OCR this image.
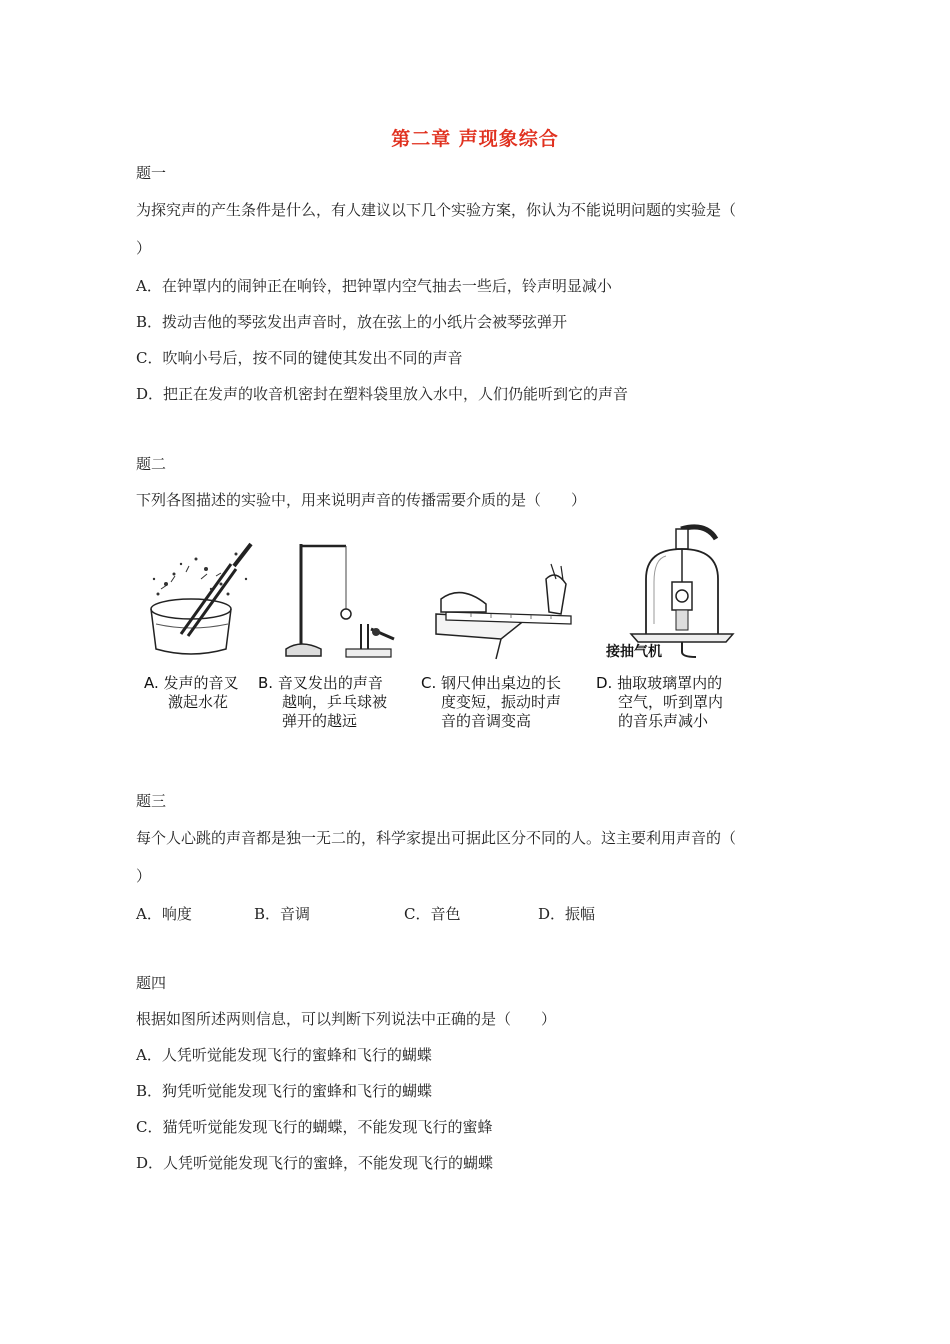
第二章 声现象综合
题一
为探究声的产生条件是什么，有人建议以下几个实验方案，你认为不能说明问题的实验是（
）
A．在钟罩内的闹钟正在响铃，把钟罩内空气抽去一些后，铃声明显减小
B．拨动吉他的琴弦发出声音时，放在弦上的小纸片会被琴弦弹开
C．吹响小号后，按不同的键使其发出不同的声音
D．把正在发声的收音机密封在塑料袋里放入水中，人们仍能听到它的声音
题二
下列各图描述的实验中，用来说明声音的传播需要介质的是（　　）
A. 发声的音叉
激起水花
B. 音叉发出的声音
越响，乒乓球被
弹开的越远
C. 钢尺伸出桌边的长
度变短，振动时声
音的音调变高
接抽气机
D. 抽取玻璃罩内的
空气，听到罩内
的音乐声减小
题三
每个人心跳的声音都是独一无二的，科学家提出可据此区分不同的人。这主要利用声音的（
）
A．响度	B．音调	C．音色	D．振幅
题四
根据如图所述两则信息，可以判断下列说法中正确的是（　　）
A．人凭听觉能发现飞行的蜜蜂和飞行的蝴蝶
B．狗凭听觉能发现飞行的蜜蜂和飞行的蝴蝶
C．猫凭听觉能发现飞行的蝴蝶，不能发现飞行的蜜蜂
D．人凭听觉能发现飞行的蜜蜂，不能发现飞行的蝴蝶
